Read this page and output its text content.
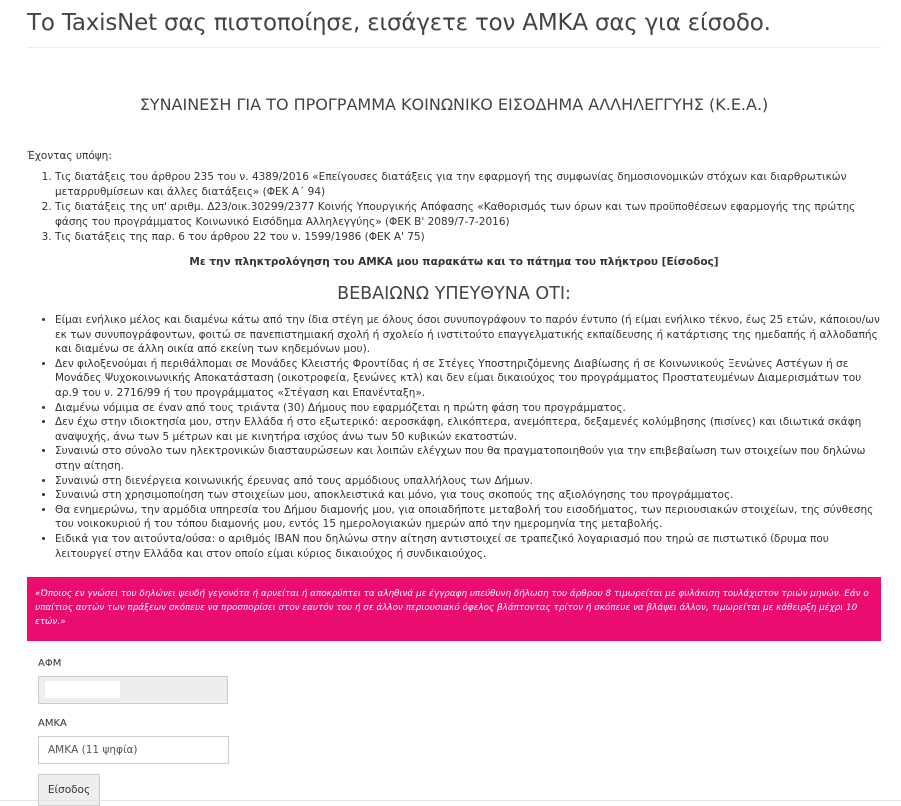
Το TaxisNet σας πιστοποίησε, εισάγετε τον ΑΜΚΑ σας για είσοδο.
ΣΥΝΑΙΝΕΣΗ ΓΙΑ ΤΟ ΠΡΟΓΡΑΜΜΑ ΚΟΙΝΩΝΙΚΟ ΕΙΣΟΔΗΜΑ ΑΛΛΗΛΕΓΓΥΗΣ (Κ.Ε.Α.)

Έχοντας υπόψη:

1. Τις διατάξεις του άρθρου 235 του ν. 4389/2016 «Επείγουσες διατάξεις για την εφαρμογή της συμφωνίας δημοσιονομικών στόχων και διαρθρωτικών μεταρρυθμίσεων και άλλες διατάξεις» (ΦΕΚ Α΄ 94)
2. Τις διατάξεις της υπ' αριθμ. Δ23/οικ.30299/2377 Κοινής Υπουργικής Απόφασης «Καθορισμός των όρων και των προϋποθέσεων εφαρμογής της πρώτης φάσης του προγράμματος Κοινωνικό Εισόδημα Αλληλεγγύης» (ΦΕΚ Β' 2089/7-7-2016)
3. Τις διατάξεις της παρ. 6 του άρθρου 22 του ν. 1599/1986 (ΦΕΚ Α' 75)

Με την πληκτρολόγηση του ΑΜΚΑ μου παρακάτω και το πάτημα του πλήκτρου [Είσοδος]

ΒΕΒΑΙΩΝΩ ΥΠΕΥΘΥΝΑ ΟΤΙ:
• Είμαι ενήλικο μέλος και διαμένω κάτω από την ίδια στέγη με όλους όσοι συνυπογράφουν το παρόν έντυπο (ή είμαι ενήλικο τέκνο, έως 25 ετών, κάποιου/ων εκ των συνυπογράφοντων, φοιτώ σε πανεπιστημιακή σχολή ή σχολείο ή ινστιτούτο επαγγελματικής εκπαίδευσης ή κατάρτισης της ημεδαπής ή αλλοδαπής και διαμένω σε άλλη οικία από εκείνη των κηδεμόνων μου).
• Δεν φιλοξενούμαι ή περιθάλπομαι σε Μονάδες Κλειστής Φροντίδας ή σε Στέγες Υποστηριζόμενης Διαβίωσης ή σε Κοινωνικούς Ξενώνες Αστέγων ή σε Μονάδες Ψυχοκοινωνικής Αποκατάσταση (οικοτροφεία, ξενώνες κτλ) και δεν είμαι δικαιούχος του προγράμματος Προστατευμένων Διαμερισμάτων του αρ.9 του ν. 2716/99 ή του προγράμματος «Στέγαση και Επανένταξη».
• Διαμένω νόμιμα σε έναν από τους τριάντα (30) Δήμους που εφαρμόζεται η πρώτη φάση του προγράμματος.
• Δεν έχω στην ιδιοκτησία μου, στην Ελλάδα ή στο εξωτερικό: αεροσκάφη, ελικόπτερα, ανεμόπτερα, δεξαμενές κολύμβησης (πισίνες) και ιδιωτικά σκάφη αναψυχής, άνω των 5 μέτρων και με κινητήρα ισχύος άνω των 50 κυβικών εκατοστών.
• Συναινώ στο σύνολο των ηλεκτρονικών διασταυρώσεων και λοιπών ελέγχων που θα πραγματοποιηθούν για την επιβεβαίωση των στοιχείων που δηλώνω στην αίτηση.
• Συναινώ στη διενέργεια κοινωνικής έρευνας από τους αρμόδιους υπαλλήλους των Δήμων.
• Συναινώ στη χρησιμοποίηση των στοιχείων μου, αποκλειστικά και μόνο, για τους σκοπούς της αξιολόγησης του προγράμματος.
• Θα ενημερώνω, την αρμόδια υπηρεσία του Δήμου διαμονής μου, για οποιαδήποτε μεταβολή του εισοδήματος, των περιουσιακών στοιχείων, της σύνθεσης του νοικοκυριού ή του τόπου διαμονής μου, εντός 15 ημερολογιακών ημερών από την ημερομηνία της μεταβολής.
• Ειδικά για τον αιτούντα/ούσα: ο αριθμός IBAN που δηλώνω στην αίτηση αντιστοιχεί σε τραπεζικό λογαριασμό που τηρώ σε πιστωτικό ίδρυμα που λειτουργεί στην Ελλάδα και στον οποίο είμαι κύριος δικαιούχος ή συνδικαιούχος.
«Όποιος εν γνώσει του δηλώνει ψευδή γεγονότα ή αρνείται ή αποκρύπτει τα αληθινά με έγγραφη υπεύθυνη δήλωση του άρθρου 8 τιμωρείται με φυλάκιση τουλάχιστον τριών μηνών. Εάν ο υπαίτιος αυτών των πράξεων σκόπευε να προσπορίσει στον εαυτόν του ή σε άλλον περιουσιακό όφελος βλάπτοντας τρίτον ή σκόπευε να βλάψει άλλον, τιμωρείται με κάθειρξη μέχρι 10 ετών.»
ΑΦΜ
ΑΜΚΑ
ΑΜΚΑ (11 ψηφία)
Είσοδος
